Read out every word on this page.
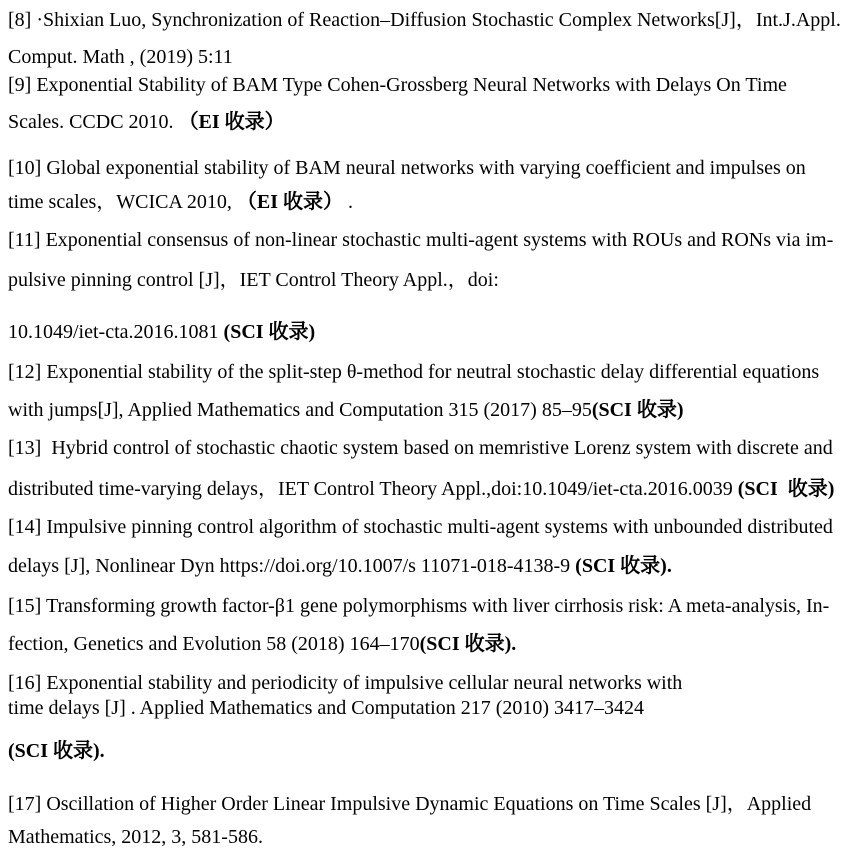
[8] ·Shixian Luo, Synchronization of Reaction–Diffusion Stochastic Complex Networks[J]，Int.J.Appl.
Comput. Math , (2019) 5:11
[9] Exponential Stability of BAM Type Cohen-Grossberg Neural Networks with Delays On Time
Scales. CCDC 2010. （EI 收录）
[10] Global exponential stability of BAM neural networks with varying coefficient and impulses on
time scales，WCICA 2010, （EI 收录） .
[11] Exponential consensus of non-linear stochastic multi-agent systems with ROUs and RONs via im-
pulsive pinning control [J]，IET Control Theory Appl.，doi:
10.1049/iet-cta.2016.1081 (SCI 收录)
[12] Exponential stability of the split-step θ-method for neutral stochastic delay differential equations
with jumps[J], Applied Mathematics and Computation 315 (2017) 85–95(SCI 收录)
[13]  Hybrid control of stochastic chaotic system based on memristive Lorenz system with discrete and
distributed time-varying delays，IET Control Theory Appl.,doi:10.1049/iet-cta.2016.0039 (SCI  收录)
[14] Impulsive pinning control algorithm of stochastic multi-agent systems with unbounded distributed
delays [J], Nonlinear Dyn https://doi.org/10.1007/s 11071-018-4138-9 (SCI 收录).
[15] Transforming growth factor-β1 gene polymorphisms with liver cirrhosis risk: A meta-analysis, In-
fection, Genetics and Evolution 58 (2018) 164–170(SCI 收录).
[16] Exponential stability and periodicity of impulsive cellular neural networks with
time delays [J] . Applied Mathematics and Computation 217 (2010) 3417–3424
(SCI 收录).
[17] Oscillation of Higher Order Linear Impulsive Dynamic Equations on Time Scales [J]，Applied
Mathematics, 2012, 3, 581-586.
